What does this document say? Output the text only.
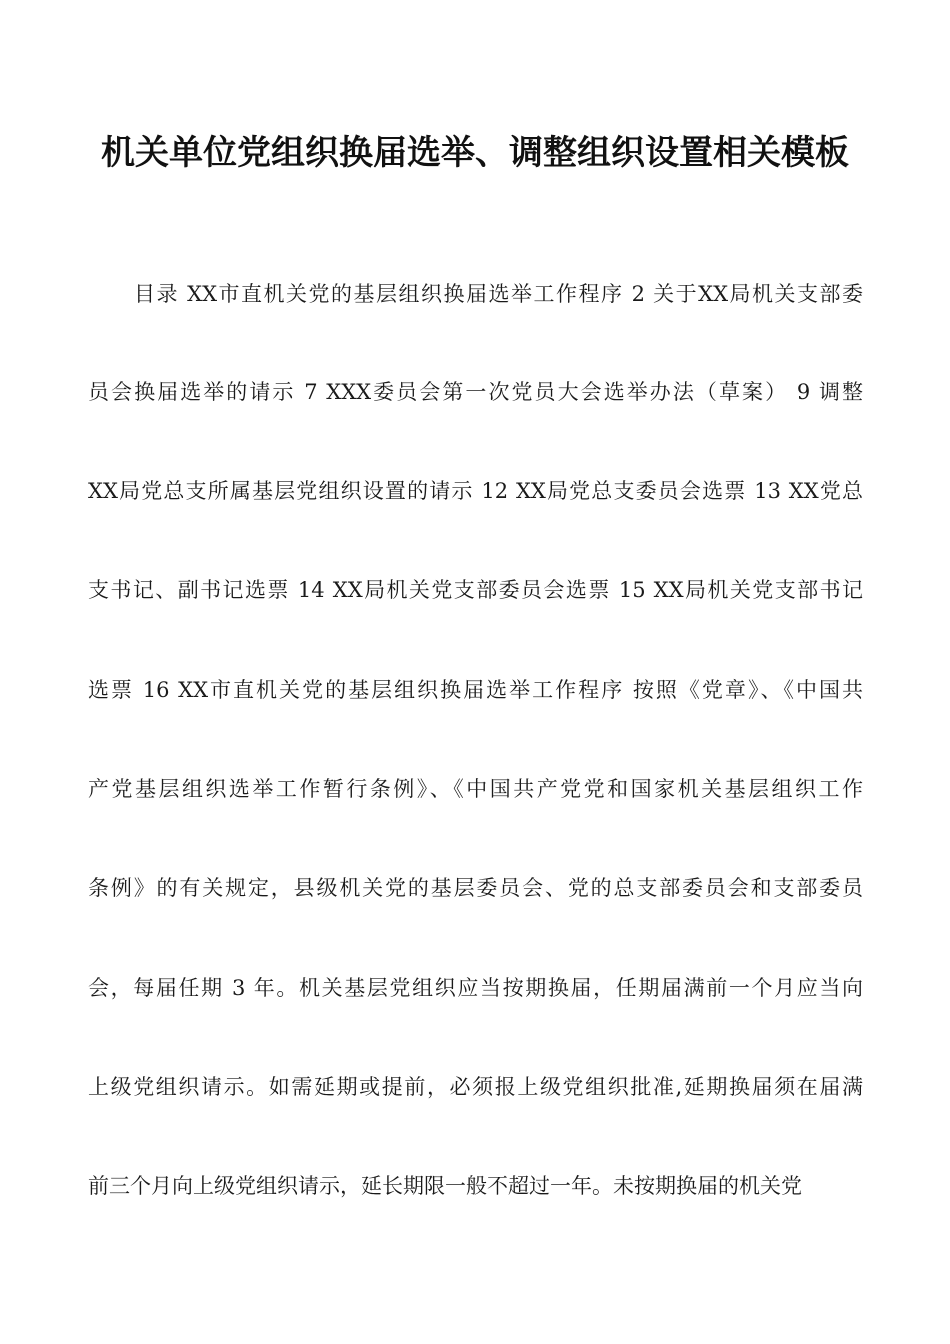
机关单位党组织换届选举、调整组织设置相关模板
目录 XX市直机关党的基层组织换届选举工作程序 2 关于XX局机关支部委
员会换届选举的请示 7 XXX委员会第一次党员大会选举办法（草案） 9 调整
XX局党总支所属基层党组织设置的请示 12 XX局党总支委员会选票 13 XX党总
支书记、副书记选票 14 XX局机关党支部委员会选票 15 XX局机关党支部书记
选票 16 XX市直机关党的基层组织换届选举工作程序 按照《党章》、《中国共
产党基层组织选举工作暂行条例》、《中国共产党党和国家机关基层组织工作
条例》的有关规定，县级机关党的基层委员会、党的总支部委员会和支部委员
会，每届任期 3 年。机关基层党组织应当按期换届，任期届满前一个月应当向
上级党组织请示。如需延期或提前，必须报上级党组织批准,延期换届须在届满
前三个月向上级党组织请示，延长期限一般不超过一年。未按期换届的机关党
